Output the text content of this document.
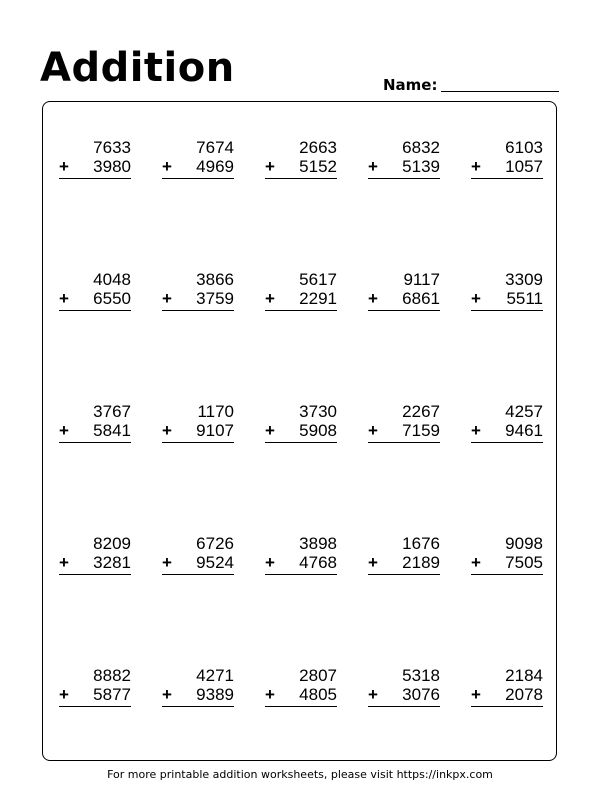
Addition	Name:
7633
+ 3980
7674
+ 4969
2663
+ 5152
6832
+ 5139
6103
+ 1057
4048
+ 6550
3866
+ 3759
5617
+ 2291
9117
+ 6861
3309
+ 5511
3767
+ 5841
1170
+ 9107
3730
+ 5908
2267
+ 7159
4257
+ 9461
8209
+ 3281
6726
+ 9524
3898
+ 4768
1676
+ 2189
9098
+ 7505
8882
+ 5877
4271
+ 9389
2807
+ 4805
5318
+ 3076
2184
+ 2078
For more printable addition worksheets, please visit https://inkpx.com
